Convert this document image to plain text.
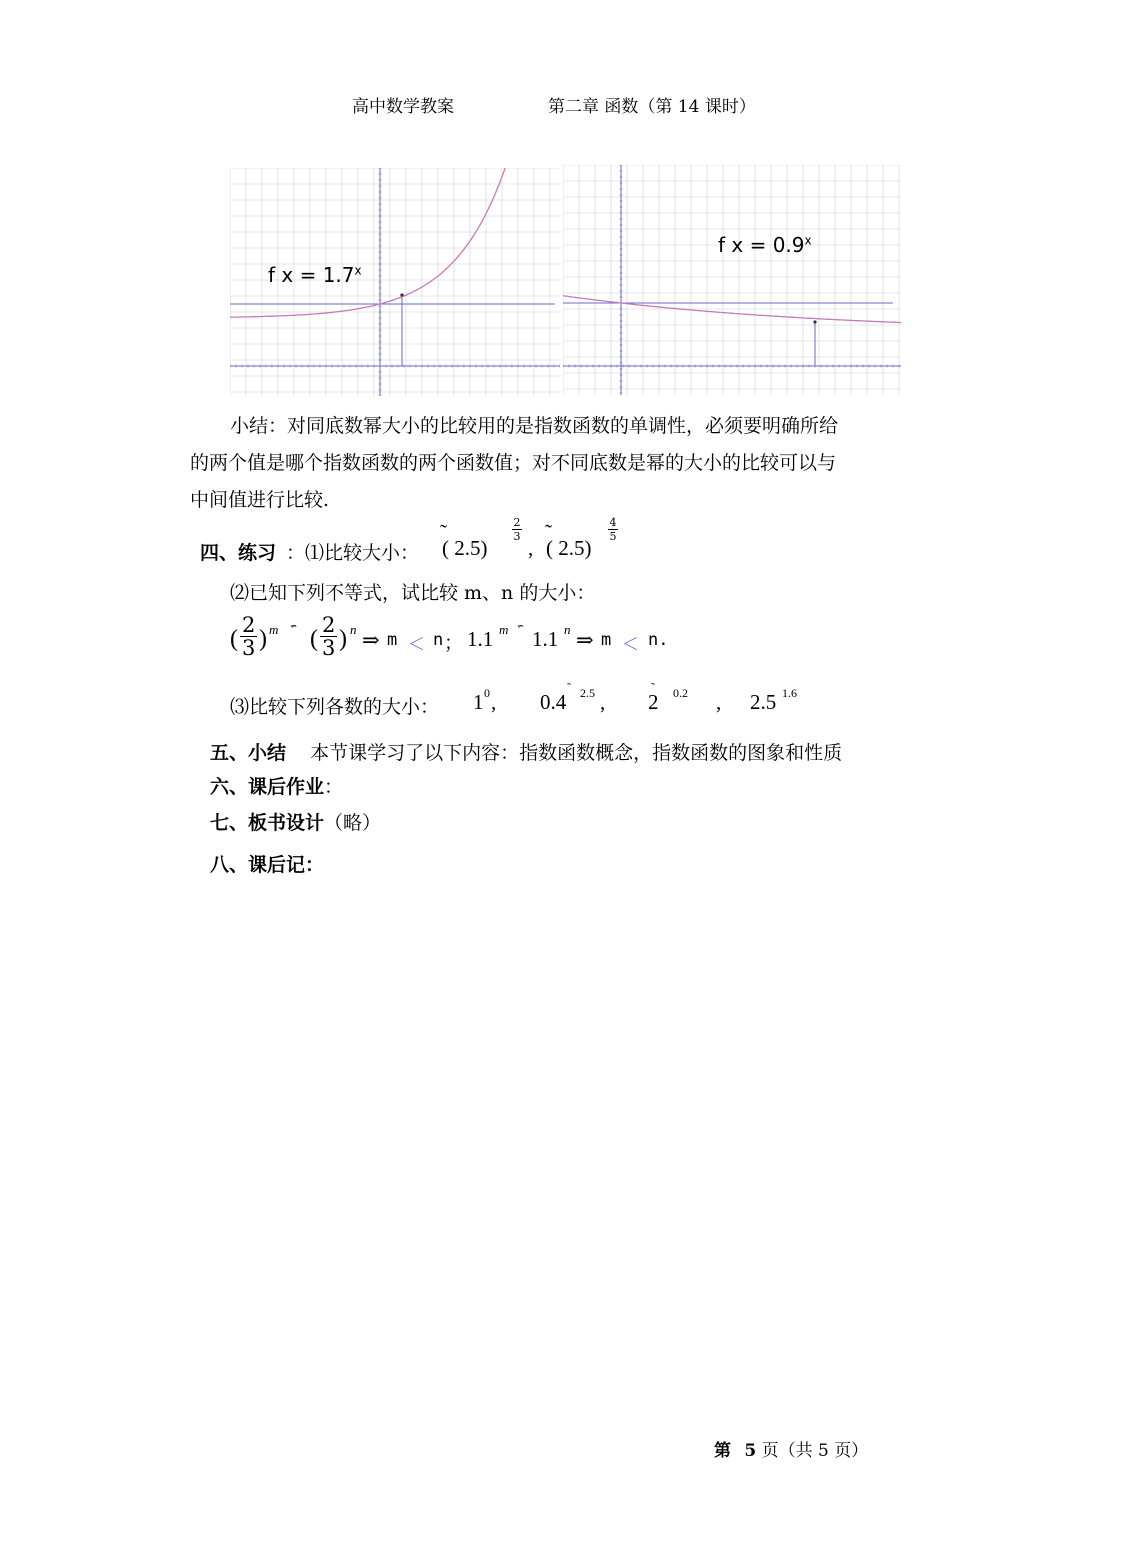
高中数学教案	第二章 函数（第 14 课时）
f $x = 1.7^x$
f $x = 0.9^x$
小结：对同底数幂大小的比较用的是指数函数的单调性，必须要明确所给
的两个值是哪个指数函数的两个函数值；对不同底数是幂的大小的比较可以与
中间值进行比较.
四、练习 ：⑴比较大小：
˜
( 2.5)
2
3 ,
˜
( 2.5)
4
5
⑵已知下列不等式，试比较 m、n 的大小：
( $\frac{2}{3}$ ) m ˚̂̂ ( $\frac{2}{3}$ ) n ⇒ m ＜ n ； 1.1 m ˚̂ 1.1 n ⇒ m ＜ n.
⑶比较下列各数的大小： 1 0 , 0.4
˜ 2.5 , 2
˜ 0.2 , 2.5 1.6
五、小结 本节课学习了以下内容：指数函数概念，指数函数的图象和性质
六、课后作业：
七、板书设计（略）
八、课后记：
第 5 页（共 5 页）
